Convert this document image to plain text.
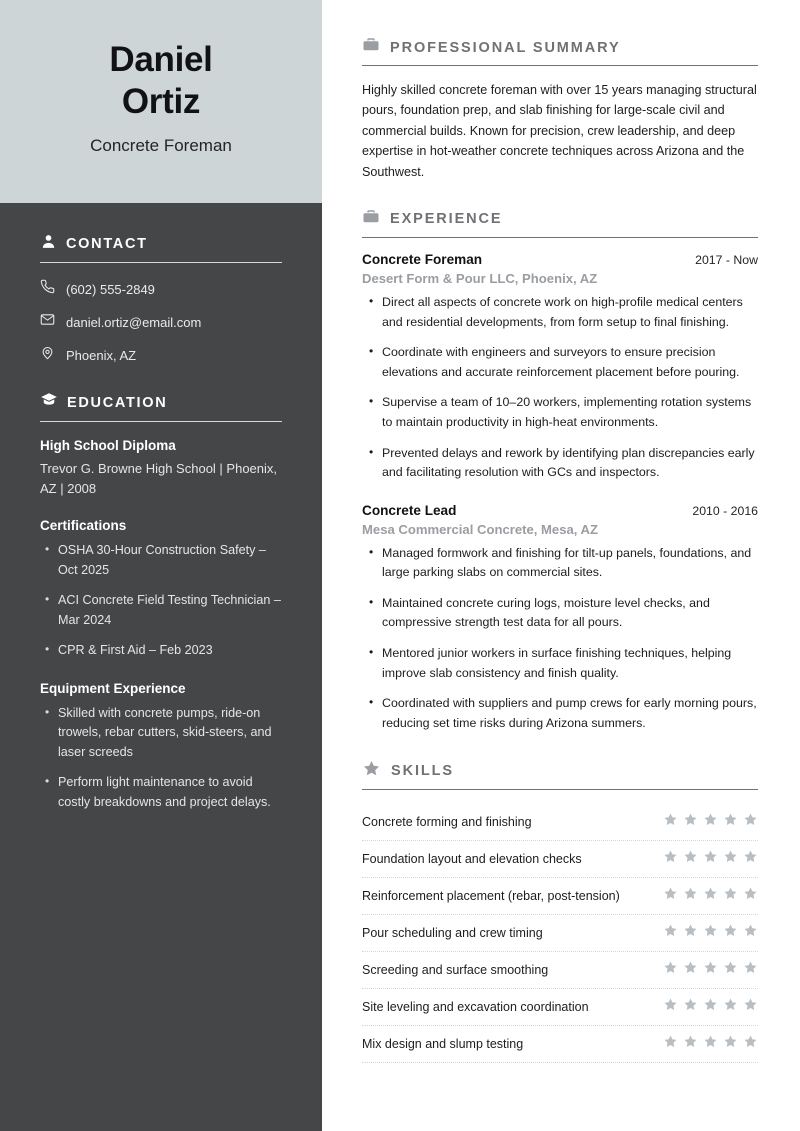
Daniel
Ortiz
Concrete Foreman
CONTACT
(602) 555-2849
daniel.ortiz@email.com
Phoenix, AZ
EDUCATION
High School Diploma
Trevor G. Browne High School | Phoenix, AZ | 2008
Certifications
• OSHA 30-Hour Construction Safety – Oct 2025
• ACI Concrete Field Testing Technician – Mar 2024
• CPR & First Aid – Feb 2023
Equipment Experience
• Skilled with concrete pumps, ride-on trowels, rebar cutters, skid-steers, and laser screeds
• Perform light maintenance to avoid costly breakdowns and project delays.
PROFESSIONAL SUMMARY
Highly skilled concrete foreman with over 15 years managing structural pours, foundation prep, and slab finishing for large-scale civil and commercial builds. Known for precision, crew leadership, and deep expertise in hot-weather concrete techniques across Arizona and the Southwest.
EXPERIENCE
Concrete Foreman	2017 - Now
Desert Form & Pour LLC, Phoenix, AZ
• Direct all aspects of concrete work on high-profile medical centers and residential developments, from form setup to final finishing.
• Coordinate with engineers and surveyors to ensure precision elevations and accurate reinforcement placement before pouring.
• Supervise a team of 10–20 workers, implementing rotation systems to maintain productivity in high-heat environments.
• Prevented delays and rework by identifying plan discrepancies early and facilitating resolution with GCs and inspectors.
Concrete Lead	2010 - 2016
Mesa Commercial Concrete, Mesa, AZ
• Managed formwork and finishing for tilt-up panels, foundations, and large parking slabs on commercial sites.
• Maintained concrete curing logs, moisture level checks, and compressive strength test data for all pours.
• Mentored junior workers in surface finishing techniques, helping improve slab consistency and finish quality.
• Coordinated with suppliers and pump crews for early morning pours, reducing set time risks during Arizona summers.
SKILLS
Concrete forming and finishing
Foundation layout and elevation checks
Reinforcement placement (rebar, post-tension)
Pour scheduling and crew timing
Screeding and surface smoothing
Site leveling and excavation coordination
Mix design and slump testing
